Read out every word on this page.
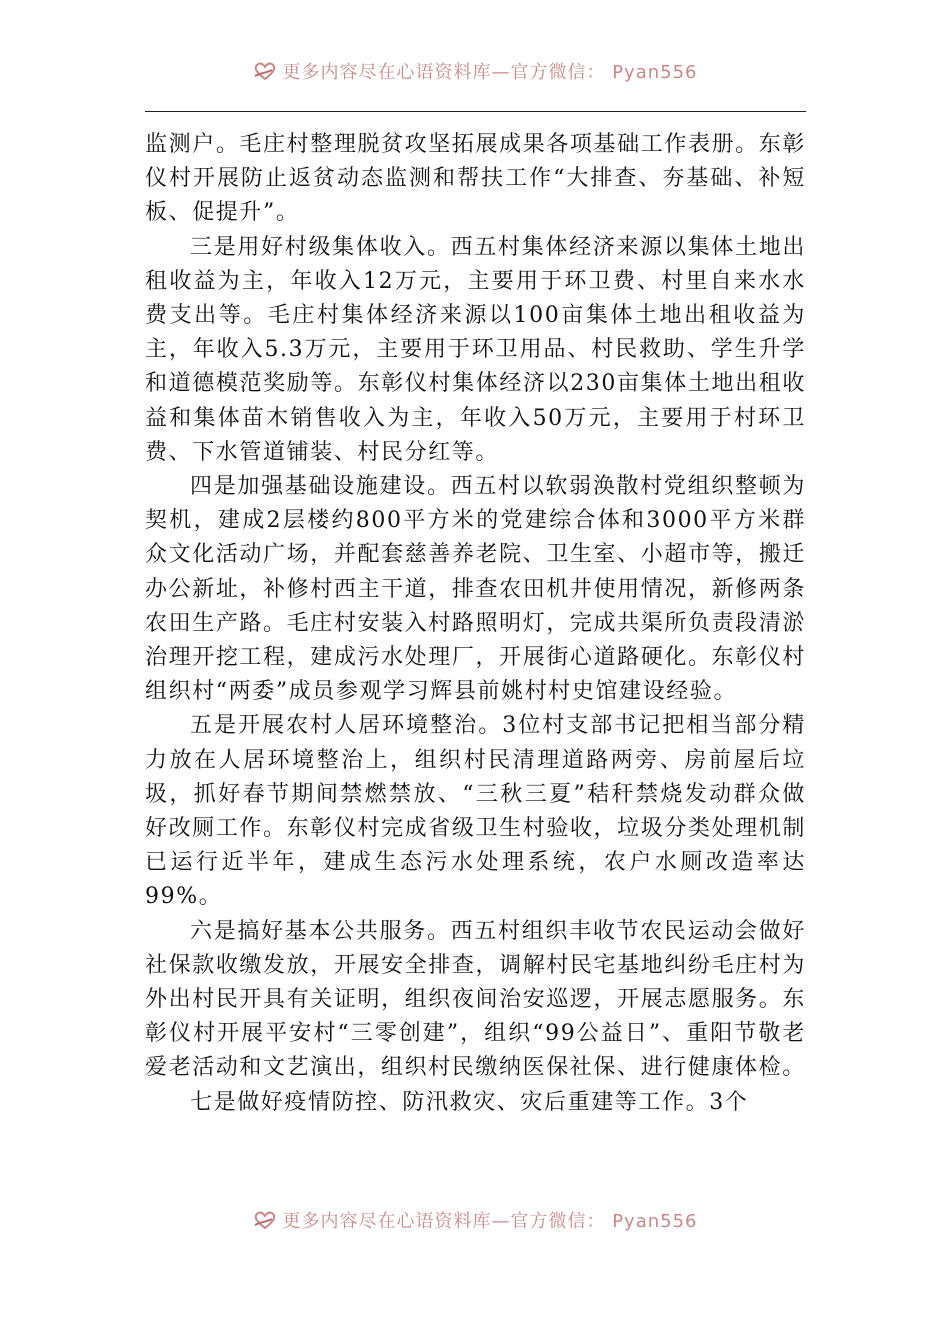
更多内容尽在心语资料库—官方微信： Pyan556

监测户。毛庄村整理脱贫攻坚拓展成果各项基础工作表册。东彰仪村开展防止返贫动态监测和帮扶工作“大排查、夯基础、补短板、促提升”。

三是用好村级集体收入。西五村集体经济来源以集体土地出租收益为主，年收入12万元，主要用于环卫费、村里自来水水费支出等。毛庄村集体经济来源以100亩集体土地出租收益为主，年收入5.3万元，主要用于环卫用品、村民救助、学生升学和道德模范奖励等。东彰仪村集体经济以230亩集体土地出租收益和集体苗木销售收入为主，年收入50万元，主要用于村环卫费、下水管道铺装、村民分红等。

四是加强基础设施建设。西五村以软弱涣散村党组织整顿为契机，建成2层楼约800平方米的党建综合体和3000平方米群众文化活动广场，并配套慈善养老院、卫生室、小超市等，搬迁办公新址，补修村西主干道，排查农田机井使用情况，新修两条农田生产路。毛庄村安装入村路照明灯，完成共渠所负责段清淤治理开挖工程，建成污水处理厂，开展街心道路硬化。东彰仪村组织村“两委”成员参观学习辉县前姚村村史馆建设经验。

五是开展农村人居环境整治。3位村支部书记把相当部分精力放在人居环境整治上，组织村民清理道路两旁、房前屋后垃圾，抓好春节期间禁燃禁放、“三秋三夏”秸秆禁烧发动群众做好改厕工作。东彰仪村完成省级卫生村验收，垃圾分类处理机制已运行近半年，建成生态污水处理系统，农户水厕改造率达99%。

六是搞好基本公共服务。西五村组织丰收节农民运动会做好社保款收缴发放，开展安全排查，调解村民宅基地纠纷毛庄村为外出村民开具有关证明，组织夜间治安巡逻，开展志愿服务。东彰仪村开展平安村“三零创建”，组织“99公益日”、重阳节敬老爱老活动和文艺演出，组织村民缴纳医保社保、进行健康体检。

七是做好疫情防控、防汛救灾、灾后重建等工作。3个

更多内容尽在心语资料库—官方微信： Pyan556
